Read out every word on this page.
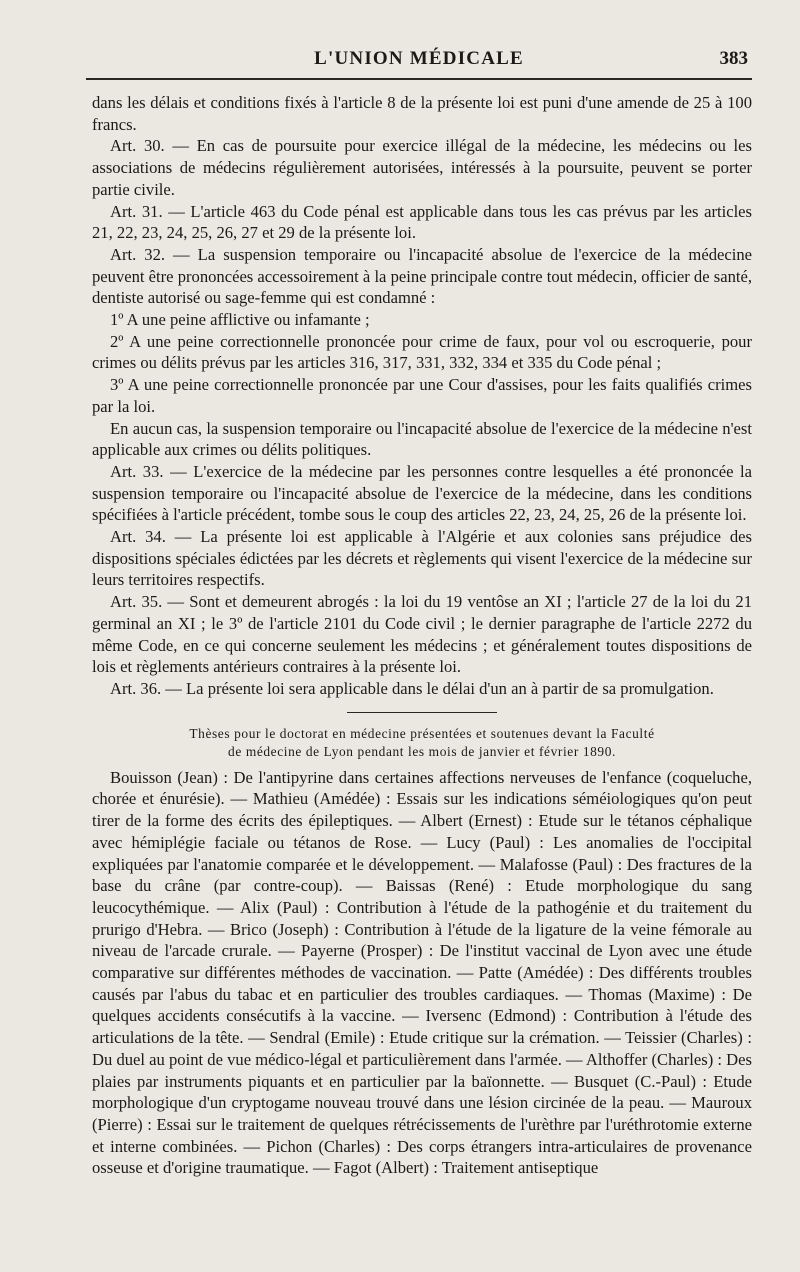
L'UNION MÉDICALE	383

dans les délais et conditions fixés à l'article 8 de la présente loi est puni d'une amende de 25 à 100 francs.

Art. 30. — En cas de poursuite pour exercice illégal de la médecine, les médecins ou les associations de médecins régulièrement autorisées, intéressés à la poursuite, peuvent se porter partie civile.

Art. 31. — L'article 463 du Code pénal est applicable dans tous les cas prévus par les articles 21, 22, 23, 24, 25, 26, 27 et 29 de la présente loi.

Art. 32. — La suspension temporaire ou l'incapacité absolue de l'exercice de la médecine peuvent être prononcées accessoirement à la peine principale contre tout médecin, officier de santé, dentiste autorisé ou sage-femme qui est condamné :

1º A une peine afflictive ou infamante ;

2º A une peine correctionnelle prononcée pour crime de faux, pour vol ou escroquerie, pour crimes ou délits prévus par les articles 316, 317, 331, 332, 334 et 335 du Code pénal ;

3º A une peine correctionnelle prononcée par une Cour d'assises, pour les faits qualifiés crimes par la loi.

En aucun cas, la suspension temporaire ou l'incapacité absolue de l'exercice de la médecine n'est applicable aux crimes ou délits politiques.

Art. 33. — L'exercice de la médecine par les personnes contre lesquelles a été prononcée la suspension temporaire ou l'incapacité absolue de l'exercice de la médecine, dans les conditions spécifiées à l'article précédent, tombe sous le coup des articles 22, 23, 24, 25, 26 de la présente loi.

Art. 34. — La présente loi est applicable à l'Algérie et aux colonies sans préjudice des dispositions spéciales édictées par les décrets et règlements qui visent l'exercice de la médecine sur leurs territoires respectifs.

Art. 35. — Sont et demeurent abrogés : la loi du 19 ventôse an XI ; l'article 27 de la loi du 21 germinal an XI ; le 3º de l'article 2101 du Code civil ; le dernier paragraphe de l'article 2272 du même Code, en ce qui concerne seulement les médecins ; et généralement toutes dispositions de lois et règlements antérieurs contraires à la présente loi.

Art. 36. — La présente loi sera applicable dans le délai d'un an à partir de sa promulgation.

Thèses pour le doctorat en médecine présentées et soutenues devant la Faculté
de médecine de Lyon pendant les mois de janvier et février 1890.

Bouisson (Jean) : De l'antipyrine dans certaines affections nerveuses de l'enfance (coqueluche, chorée et énurésie). — Mathieu (Amédée) : Essais sur les indications séméiologiques qu'on peut tirer de la forme des écrits des épileptiques. — Albert (Ernest) : Etude sur le tétanos céphalique avec hémiplégie faciale ou tétanos de Rose. — Lucy (Paul) : Les anomalies de l'occipital expliquées par l'anatomie comparée et le développement. — Malafosse (Paul) : Des fractures de la base du crâne (par contre-coup). — Baissas (René) : Etude morphologique du sang leucocythémique. — Alix (Paul) : Contribution à l'étude de la pathogénie et du traitement du prurigo d'Hebra. — Brico (Joseph) : Contribution à l'étude de la ligature de la veine fémorale au niveau de l'arcade crurale. — Payerne (Prosper) : De l'institut vaccinal de Lyon avec une étude comparative sur différentes méthodes de vaccination. — Patte (Amédée) : Des différents troubles causés par l'abus du tabac et en particulier des troubles cardiaques. — Thomas (Maxime) : De quelques accidents consécutifs à la vaccine. — Iversenc (Edmond) : Contribution à l'étude des articulations de la tête. — Sendral (Emile) : Etude critique sur la crémation. — Teissier (Charles) : Du duel au point de vue médico-légal et particulièrement dans l'armée. — Althoffer (Charles) : Des plaies par instruments piquants et en particulier par la baïonnette. — Busquet (C.-Paul) : Etude morphologique d'un cryptogame nouveau trouvé dans une lésion circinée de la peau. — Mauroux (Pierre) : Essai sur le traitement de quelques rétrécissements de l'urèthre par l'uréthrotomie externe et interne combinées. — Pichon (Charles) : Des corps étrangers intra-articulaires de provenance osseuse et d'origine traumatique. — Fagot (Albert) : Traitement antiseptique
